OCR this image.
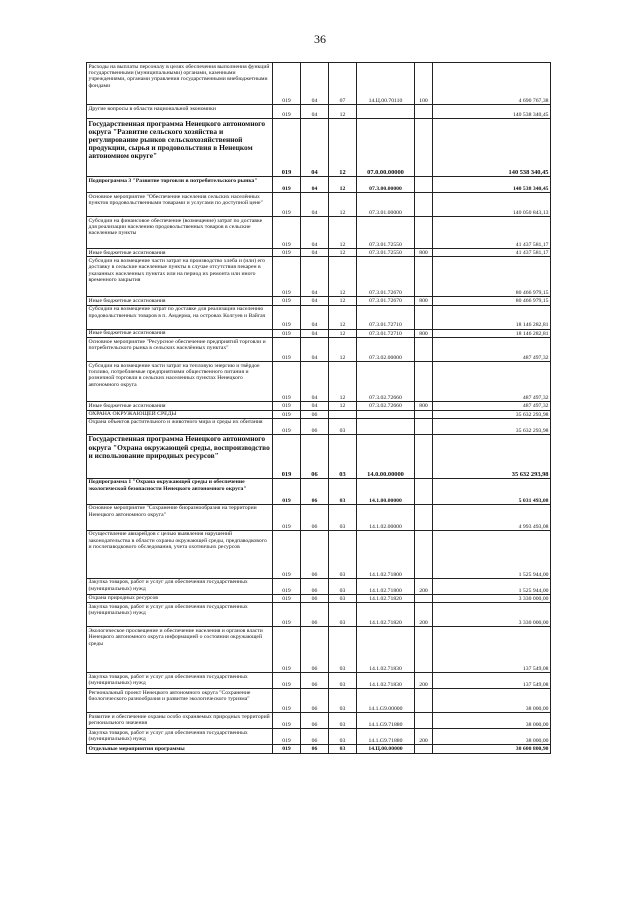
36
Расходы на выплаты персоналу в целях обеспечения выполнения функций государственными (муниципальными) органами, казенными учреждениями, органами управления государственными внебюджетными фондами	019	04	07	14.Ц.00.70110	100	4 690 767,38
Другие вопросы в области национальной экономики	019	04	12			140 538 340,45
Государственная программа Ненецкого автономного округа "Развитие сельского хозяйства и регулирование рынков сельскохозяйственной продукции, сырья и продовольствия в Ненецком автономном округе"	019	04	12	07.0.00.00000		140 538 340,45
Подпрограмма 3 "Развитие торговли в потребительского рынка"	019	04	12	07.3.00.00000		140 538 340,45
Основное мероприятие "Обеспечение населения сельских населённых пунктов продовольственными товарами и услугами по доступной цене"	019	04	12	07.3.01.00000		140 050 843,13
Субсидии на финансовое обеспечение (возмещение) затрат по доставке для реализации населению продовольственных товаров в сельские населенные пункты	019	04	12	07.3.01.72550		41 437 581,17
Иные бюджетные ассигнования	019	04	12	07.3.01.72550	800	41 437 581,17
Субсидии на возмещение части затрат на производство хлеба и (или) его доставку в сельские населенные пункты в случае отсутствия пекарен в указанных населенных пунктах или на период их ремонта или иного временного закрытия	019	04	12	07.3.01.72670		80 466 979,15
Иные бюджетные ассигнования	019	04	12	07.3.01.72670	800	80 466 979,15
Субсидии на возмещение затрат по доставке для реализации населению продовольственных товаров в п. Амдерма, на островах Колгуев и Вайгач	019	04	12	07.3.01.72710		18 146 282,81
Иные бюджетные ассигнования	019	04	12	07.3.01.72710	800	18 146 282,81
Основное мероприятие "Ресурсное обеспечение предприятий торговли и потребительского рынка в сельских населённых пунктах"	019	04	12	07.3.02.00000		487 497,32
Субсидии на возмещение части затрат на тепловую энергию и твёрдое топливо, потребляемые предприятиями общественного питания и розничной торговли в сельских населенных пунктах Ненецкого автономного округа	019	04	12	07.3.02.72660		487 497,32
Иные бюджетные ассигнования	019	04	12	07.3.02.72660	800	487 497,32
ОХРАНА ОКРУЖАЮЩЕЙ СРЕДЫ	019	06				35 632 293,98
Охрана объектов растительного и животного мира и среды их обитания	019	06	03			35 632 293,98
Государственная программа Ненецкого автономного округа "Охрана окружающей среды, воспроизводство и использование природных ресурсов"	019	06	03	14.0.00.00000		35 632 293,98
Подпрограмма 1 "Охрана окружающей среды и обеспечение экологической безопасности Ненецкого автономного округа"	019	06	03	14.1.00.00000		5 031 493,08
Основное мероприятие "Сохранение биоразнообразия на территории Ненецкого автономного округа"	019	06	03	14.1.02.00000		4 993 493,08
Осуществление авиарейдов с целью выявления нарушений законодательства в области охраны окружающей среды, предпаводкового и послепаводкового обследования, учета охотничьих ресурсов	019	06	03	14.1.02.71800		1 525 944,00
Закупка товаров, работ и услуг для обеспечения государственных (муниципальных) нужд	019	06	03	14.1.02.71800	200	1 525 944,00
Охрана природных ресурсов	019	06	03	14.1.02.71820		3 330 000,00
Закупка товаров, работ и услуг для обеспечения государственных (муниципальных) нужд	019	06	03	14.1.02.71820	200	3 330 000,00
Экологическое просвещение и обеспечение населения и органов власти Ненецкого автономного округа информацией о состоянии окружающей среды	019	06	03	14.1.02.71830		137 549,08
Закупка товаров, работ и услуг для обеспечения государственных (муниципальных) нужд	019	06	03	14.1.02.71830	200	137 549,08
Региональный проект Ненецкого автономного округа "Сохранение биологического разнообразия и развитие экологического туризма"	019	06	03	14.1.G9.00000		38 000,00
Развитие и обеспечение охраны особо охраняемых природных территорий регионального значения	019	06	03	14.1.G9.71880		38 000,00
Закупка товаров, работ и услуг для обеспечения государственных (муниципальных) нужд	019	06	03	14.1.G9.71880	200	38 000,00
Отдельные мероприятия программы	019	06	03	14.Ц.00.00000		30 600 800,90
